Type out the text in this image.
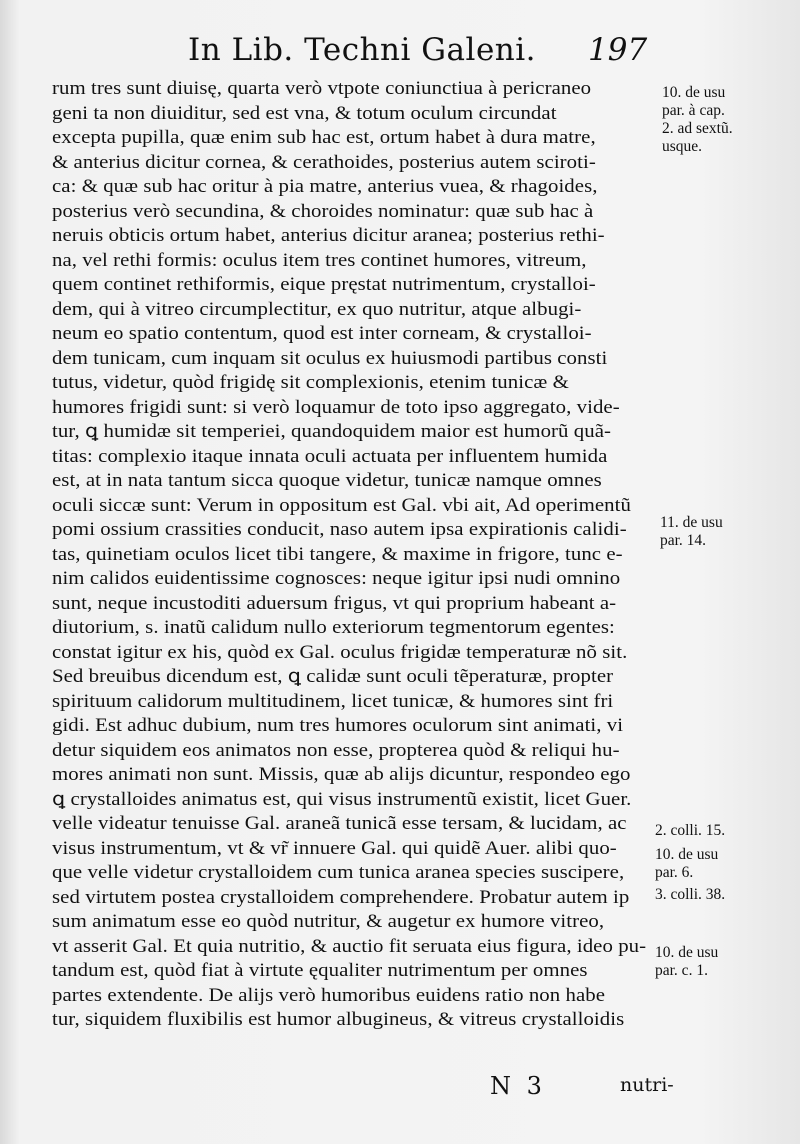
In Lib. Techni Galeni. 197
rum tres sunt diuisę, quarta verò vtpote coniunctiua à pericraneo
geni ta non diuiditur, sed est vna, & totum oculum circundat
excepta pupilla, quæ enim sub hac est, ortum habet à dura matre,
& anterius dicitur cornea, & cerathoides, posterius autem sciroti-
ca: & quæ sub hac oritur à pia matre, anterius vuea, & rhagoides,
posterius verò secundina, & choroides nominatur: quæ sub hac à
neruis obticis ortum habet, anterius dicitur aranea; posterius rethi-
na, vel rethi formis: oculus item tres continet humores, vitreum,
quem continet rethiformis, eique pręstat nutrimentum, crystalloi-
dem, qui à vitreo circumplectitur, ex quo nutritur, atque albugi-
neum eo spatio contentum, quod est inter corneam, & crystalloi-
dem tunicam, cum inquam sit oculus ex huiusmodi partibus consti
tutus, videtur, quòd frigidę sit complexionis, etenim tunicæ &
humores frigidi sunt: si verò loquamur de toto ipso aggregato, vide-
tur, ꝗ humidæ sit temperiei, quandoquidem maior est humorũ quã-
titas: complexio itaque innata oculi actuata per influentem humida
est, at in nata tantum sicca quoque videtur, tunicæ namque omnes
oculi siccæ sunt: Verum in oppositum est Gal. vbi ait, Ad operimentũ
pomi ossium crassities conducit, naso autem ipsa expirationis calidi-
tas, quinetiam oculos licet tibi tangere, & maxime in frigore, tunc e-
nim calidos euidentissime cognosces: neque igitur ipsi nudi omnino
sunt, neque incustoditi aduersum frigus, vt qui proprium habeant a-
diutorium, s. inatũ calidum nullo exteriorum tegmentorum egentes:
constat igitur ex his, quòd ex Gal. oculus frigidæ temperaturæ nõ sit.
Sed breuibus dicendum est, ꝗ calidæ sunt oculi tẽperaturæ, propter
spirituum calidorum multitudinem, licet tunicæ, & humores sint fri
gidi. Est adhuc dubium, num tres humores oculorum sint animati, vi
detur siquidem eos animatos non esse, propterea quòd & reliqui hu-
mores animati non sunt. Missis, quæ ab alijs dicuntur, respondeo ego
ꝗ crystalloides animatus est, qui visus instrumentũ existit, licet Guer.
velle videatur tenuisse Gal. araneã tunicã esse tersam, & lucidam, ac
visus instrumentum, vt & vr̃ innuere Gal. qui quidẽ Auer. alibi quo-
que velle videtur crystalloidem cum tunica aranea species suscipere,
sed virtutem postea crystalloidem comprehendere. Probatur autem ip
sum animatum esse eo quòd nutritur, & augetur ex humore vitreo,
vt asserit Gal. Et quia nutritio, & auctio fit seruata eius figura, ideo pu-
tandum est, quòd fiat à virtute ęqualiter nutrimentum per omnes
partes extendente. De alijs verò humoribus euidens ratio non habe
tur, siquidem fluxibilis est humor albugineus, & vitreus crystalloidis
10. de usu
par. à cap.
2. ad sextũ.
usque.
11. de usu
par. 14.
2. colli. 15.
10. de usu
par. 6.
3. colli. 38.
10. de usu
par. c. 1.
N 3	nutri-
